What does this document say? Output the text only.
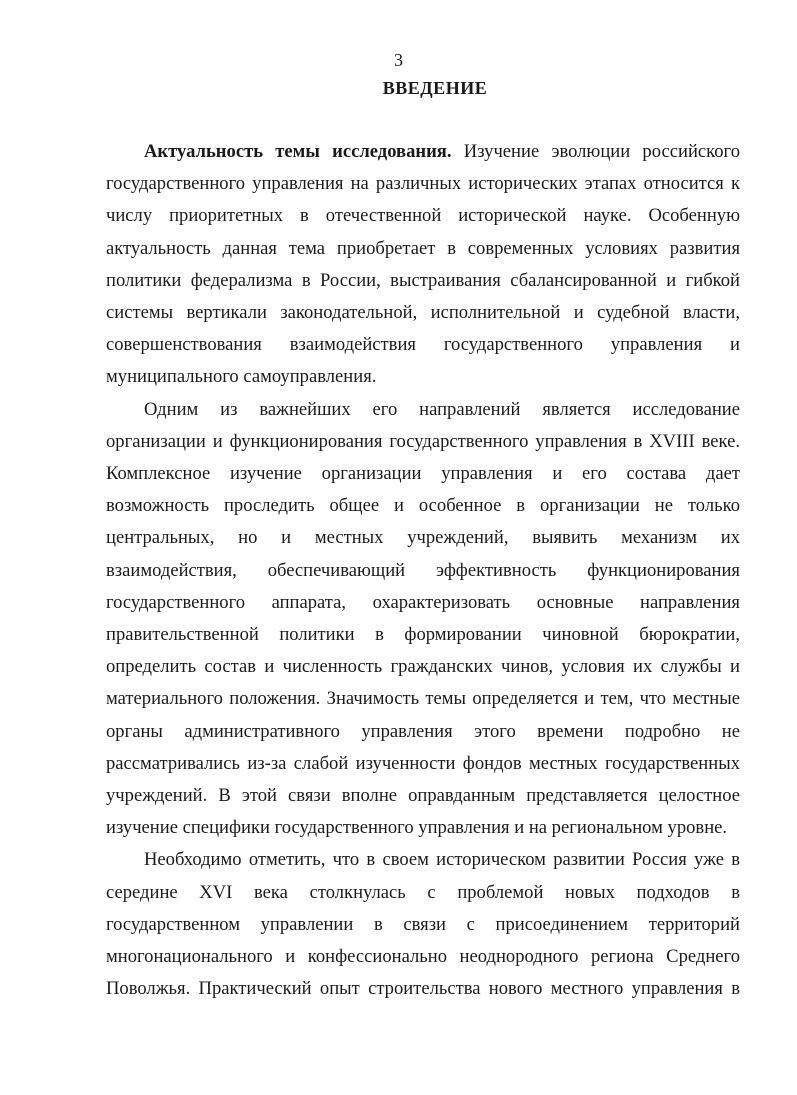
3
ВВЕДЕНИЕ

Актуальность темы исследования. Изучение эволюции российского государственного управления на различных исторических этапах относится к числу приоритетных в отечественной исторической науке. Особенную актуальность данная тема приобретает в современных условиях развития политики федерализма в России, выстраивания сбалансированной и гибкой системы вертикали законодательной, исполнительной и судебной власти, совершенствования взаимодействия государственного управления и муниципального самоуправления.

Одним из важнейших его направлений является исследование организации и функционирования государственного управления в XVIII веке. Комплексное изучение организации управления и его состава дает возможность проследить общее и особенное в организации не только центральных, но и местных учреждений, выявить механизм их взаимодействия, обеспечивающий эффективность функционирования государственного аппарата, охарактеризовать основные направления правительственной политики в формировании чиновной бюрократии, определить состав и численность гражданских чинов, условия их службы и материального положения. Значимость темы определяется и тем, что местные органы административного управления этого времени подробно не рассматривались из-за слабой изученности фондов местных государственных учреждений. В этой связи вполне оправданным представляется целостное изучение специфики государственного управления и на региональном уровне.

Необходимо отметить, что в своем историческом развитии Россия уже в середине XVI века столкнулась с проблемой новых подходов в государственном управлении в связи с присоединением территорий многонационального и конфессионально неоднородного региона Среднего Поволжья. Практический опыт строительства нового местного управления в
